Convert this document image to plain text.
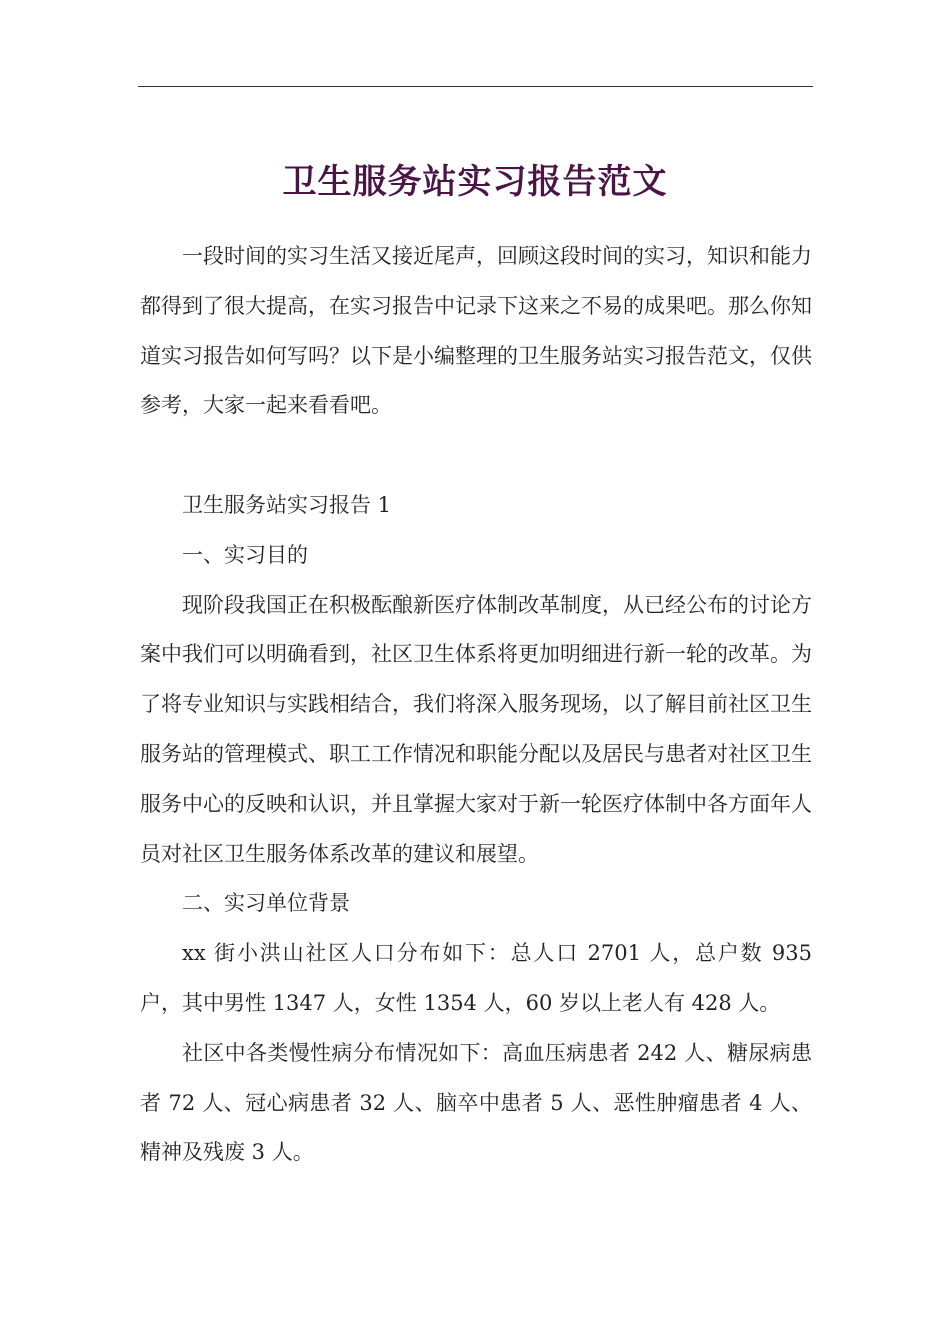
卫生服务站实习报告范文

一段时间的实习生活又接近尾声，回顾这段时间的实习，知识和能力都得到了很大提高，在实习报告中记录下这来之不易的成果吧。那么你知道实习报告如何写吗？以下是小编整理的卫生服务站实习报告范文，仅供参考，大家一起来看看吧。

卫生服务站实习报告 1

一、实习目的

现阶段我国正在积极酝酿新医疗体制改革制度，从已经公布的讨论方案中我们可以明确看到，社区卫生体系将更加明细进行新一轮的改革。为了将专业知识与实践相结合，我们将深入服务现场，以了解目前社区卫生服务站的管理模式、职工工作情况和职能分配以及居民与患者对社区卫生服务中心的反映和认识，并且掌握大家对于新一轮医疗体制中各方面年人员对社区卫生服务体系改革的建议和展望。

二、实习单位背景

xx 街小洪山社区人口分布如下：总人口 2701 人，总户数 935 户，其中男性 1347 人，女性 1354 人，60 岁以上老人有 428 人。

社区中各类慢性病分布情况如下：高血压病患者 242 人、糖尿病患者 72 人、冠心病患者 32 人、脑卒中患者 5 人、恶性肿瘤患者 4 人、精神及残废 3 人。
